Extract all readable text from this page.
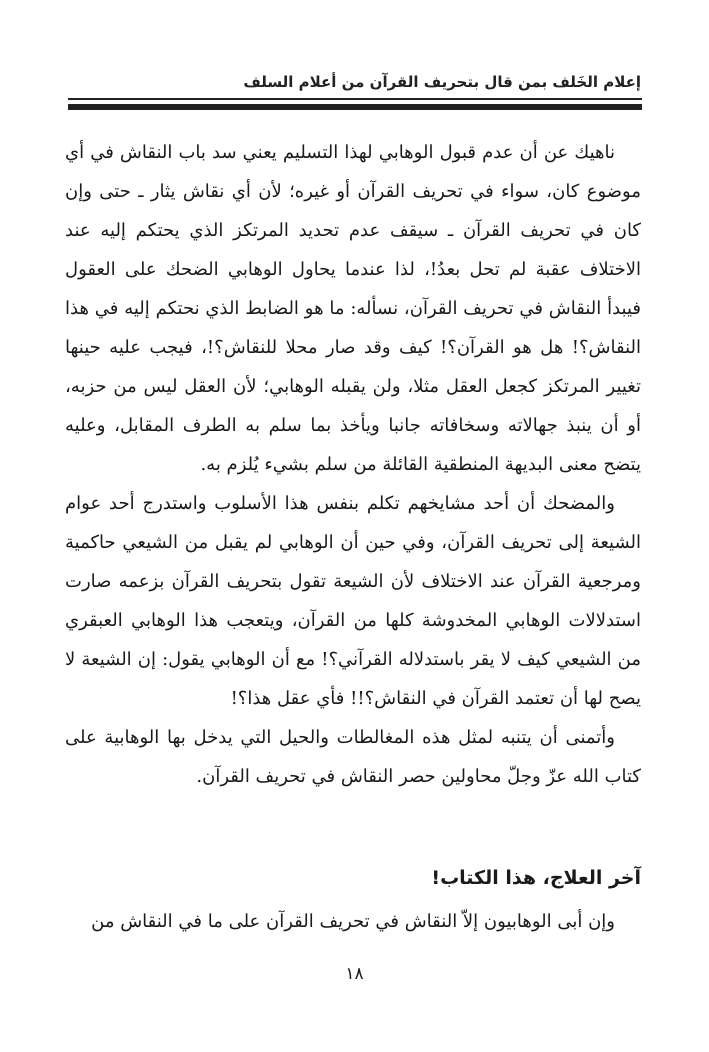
إعلام الخَلف بمن قال بتحريف القرآن من أعلام السلف

ناهيك عن أن عدم قبول الوهابي لهذا التسليم يعني سد باب النقاش في أي موضوع كان، سواء في تحريف القرآن أو غيره؛ لأن أي نقاش يثار ـ حتى وإن كان في تحريف القرآن ـ سيقف عدم تحديد المرتكز الذي يحتكم إليه عند الاختلاف عقبة لم تحل بعدُ!، لذا عندما يحاول الوهابي الضحك على العقول فيبدأ النقاش في تحريف القرآن، نسأله: ما هو الضابط الذي نحتكم إليه في هذا النقاش؟! هل هو القرآن؟! كيف وقد صار محلا للنقاش؟!، فيجب عليه حينها تغيير المرتكز كجعل العقل مثلا، ولن يقبله الوهابي؛ لأن العقل ليس من حزبه، أو أن ينبذ جهالاته وسخافاته جانبا ويأخذ بما سلم به الطرف المقابل، وعليه يتضح معنى البديهة المنطقية القائلة من سلم بشيء يُلزم به.

والمضحك أن أحد مشايخهم تكلم بنفس هذا الأسلوب واستدرج أحد عوام الشيعة إلى تحريف القرآن، وفي حين أن الوهابي لم يقبل من الشيعي حاكمية ومرجعية القرآن عند الاختلاف لأن الشيعة تقول بتحريف القرآن بزعمه صارت استدلالات الوهابي المخدوشة كلها من القرآن، ويتعجب هذا الوهابي العبقري من الشيعي كيف لا يقر باستدلاله القرآني؟! مع أن الوهابي يقول: إن الشيعة لا يصح لها أن تعتمد القرآن في النقاش؟!! فأي عقل هذا؟!

وأتمنى أن يتنبه لمثل هذه المغالطات والحيل التي يدخل بها الوهابية على كتاب الله عزّ وجلّ محاولين حصر النقاش في تحريف القرآن.

آخر العلاج، هذا الكتاب!

وإن أبى الوهابيون إلاّ النقاش في تحريف القرآن على ما في النقاش من

١٨
